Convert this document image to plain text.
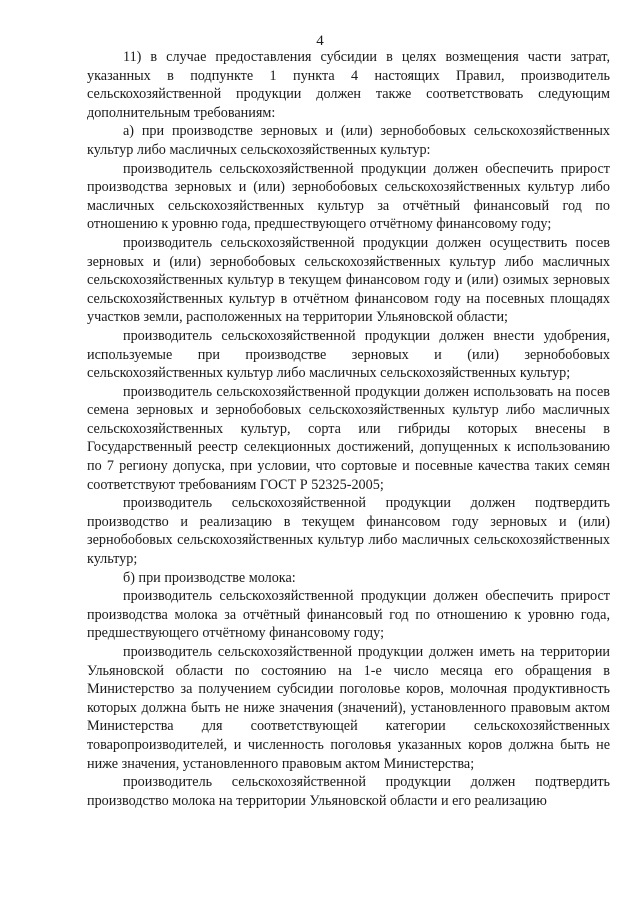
4

11) в случае предоставления субсидии в целях возмещения части затрат, указанных в подпункте 1 пункта 4 настоящих Правил, производитель сельскохозяйственной продукции должен также соответствовать следующим дополнительным требованиям:

а) при производстве зерновых и (или) зернобобовых сельскохозяйственных культур либо масличных сельскохозяйственных культур:

производитель сельскохозяйственной продукции должен обеспечить прирост производства зерновых и (или) зернобобовых сельскохозяйственных культур либо масличных сельскохозяйственных культур за отчётный финансовый год по отношению к уровню года, предшествующего отчётному финансовому году;

производитель сельскохозяйственной продукции должен осуществить посев зерновых и (или) зернобобовых сельскохозяйственных культур либо масличных сельскохозяйственных культур в текущем финансовом году и (или) озимых зерновых сельскохозяйственных культур в отчётном финансовом году на посевных площадях участков земли, расположенных на территории Ульяновской области;

производитель сельскохозяйственной продукции должен внести удобрения, используемые при производстве зерновых и (или) зернобобовых сельскохозяйственных культур либо масличных сельскохозяйственных культур;

производитель сельскохозяйственной продукции должен использовать на посев семена зерновых и зернобобовых сельскохозяйственных культур либо масличных сельскохозяйственных культур, сорта или гибриды которых внесены в Государственный реестр селекционных достижений, допущенных к использованию по 7 региону допуска, при условии, что сортовые и посевные качества таких семян соответствуют требованиям ГОСТ Р 52325-2005;

производитель сельскохозяйственной продукции должен подтвердить производство и реализацию в текущем финансовом году зерновых и (или) зернобобовых сельскохозяйственных культур либо масличных сельскохозяйственных культур;

б) при производстве молока:

производитель сельскохозяйственной продукции должен обеспечить прирост производства молока за отчётный финансовый год по отношению к уровню года, предшествующего отчётному финансовому году;

производитель сельскохозяйственной продукции должен иметь на территории Ульяновской области по состоянию на 1-е число месяца его обращения в Министерство за получением субсидии поголовье коров, молочная продуктивность которых должна быть не ниже значения (значений), установленного правовым актом Министерства для соответствующей категории сельскохозяйственных товаропроизводителей, и численность поголовья указанных коров должна быть не ниже значения, установленного правовым актом Министерства;

производитель сельскохозяйственной продукции должен подтвердить производство молока на территории Ульяновской области и его реализацию
